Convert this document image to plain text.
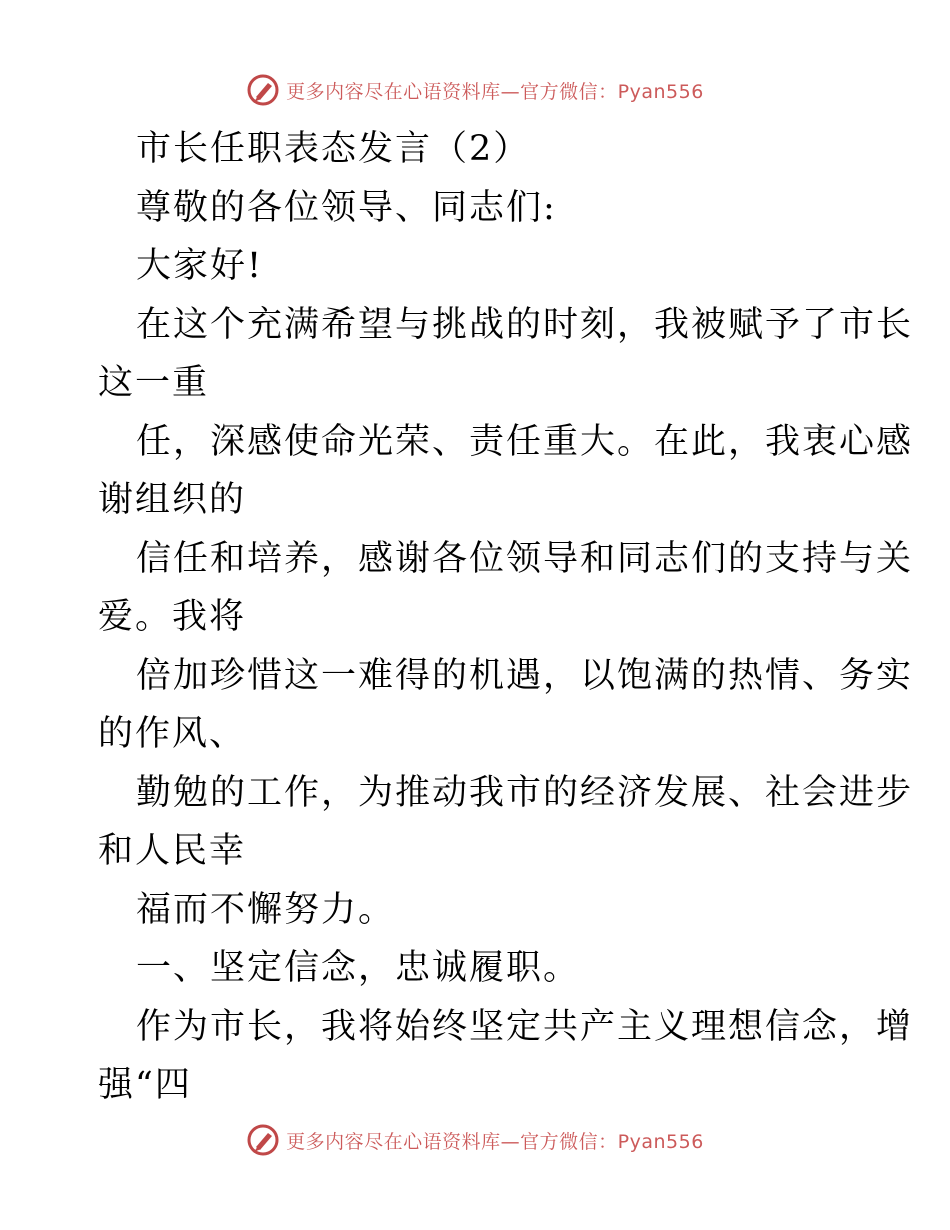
更多内容尽在心语资料库—官方微信：Pyan556
市长任职表态发言（2）
尊敬的各位领导、同志们:
大家好!
在这个充满希望与挑战的时刻，我被赋予了市长
这一重
任，深感使命光荣、责任重大。在此，我衷心感
谢组织的
信任和培养，感谢各位领导和同志们的支持与关
爱。我将
倍加珍惜这一难得的机遇，以饱满的热情、务实
的作风、
勤勉的工作，为推动我市的经济发展、社会进步
和人民幸
福而不懈努力。
一、坚定信念，忠诚履职。
作为市长，我将始终坚定共产主义理想信念，增
强“四
更多内容尽在心语资料库—官方微信：Pyan556
